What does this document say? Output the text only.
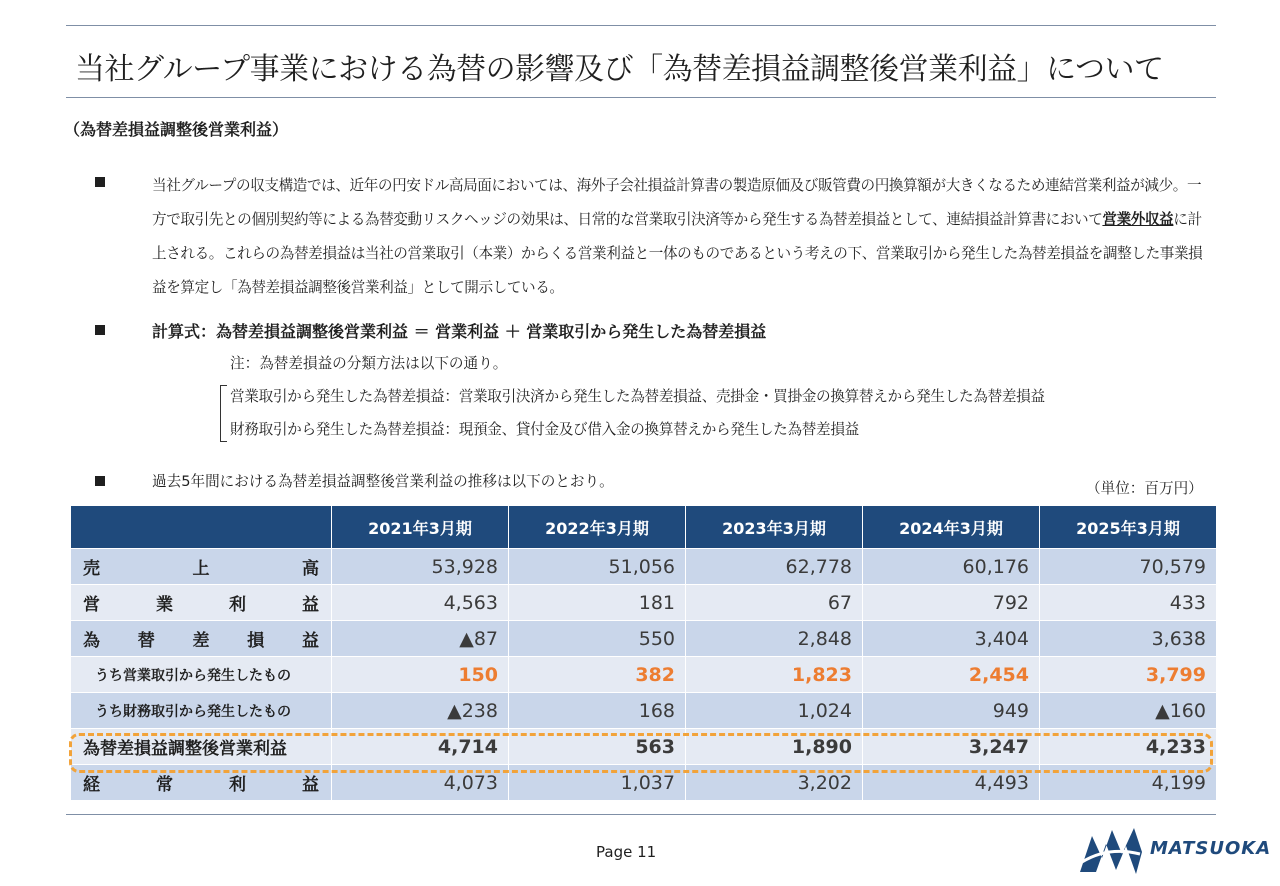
当社グループ事業における為替の影響及び「為替差損益調整後営業利益」について
（為替差損益調整後営業利益）
当社グループの収支構造では、近年の円安ドル高局面においては、海外子会社損益計算書の製造原価及び販管費の円換算額が大きくなるため連結営業利益が減少。一方で取引先との個別契約等による為替変動リスクヘッジの効果は、日常的な営業取引決済等から発生する為替差損益として、連結損益計算書において営業外収益に計上される。これらの為替差損益は当社の営業取引（本業）からくる営業利益と一体のものであるという考えの下、営業取引から発生した為替差損益を調整した事業損益を算定し「為替差損益調整後営業利益」として開示している。
計算式：為替差損益調整後営業利益 ＝ 営業利益 ＋ 営業取引から発生した為替差損益
注：為替差損益の分類方法は以下の通り。
営業取引から発生した為替差損益：営業取引決済から発生した為替差損益、売掛金・買掛金の換算替えから発生した為替差損益
財務取引から発生した為替差損益：現預金、貸付金及び借入金の換算替えから発生した為替差損益
過去5年間における為替差損益調整後営業利益の推移は以下のとおり。	（単位：百万円）
	2021年3月期	2022年3月期	2023年3月期	2024年3月期	2025年3月期

売 上 高	53,928	51,056	62,778	60,176	70,579

営 業 利 益	4,563	181	67	792	433

為 替 差 損 益	▲87	550	2,848	3,404	3,638
うち営業取引から発生したもの	150	382	1,823	2,454	3,799
うち財務取引から発生したもの	▲238	168	1,024	949	▲160
為替差損益調整後営業利益	4,714	563	1,890	3,247	4,233

経 常 利 益	4,073	1,037	3,202	4,493	4,199
Page 11	MATSUOKA
